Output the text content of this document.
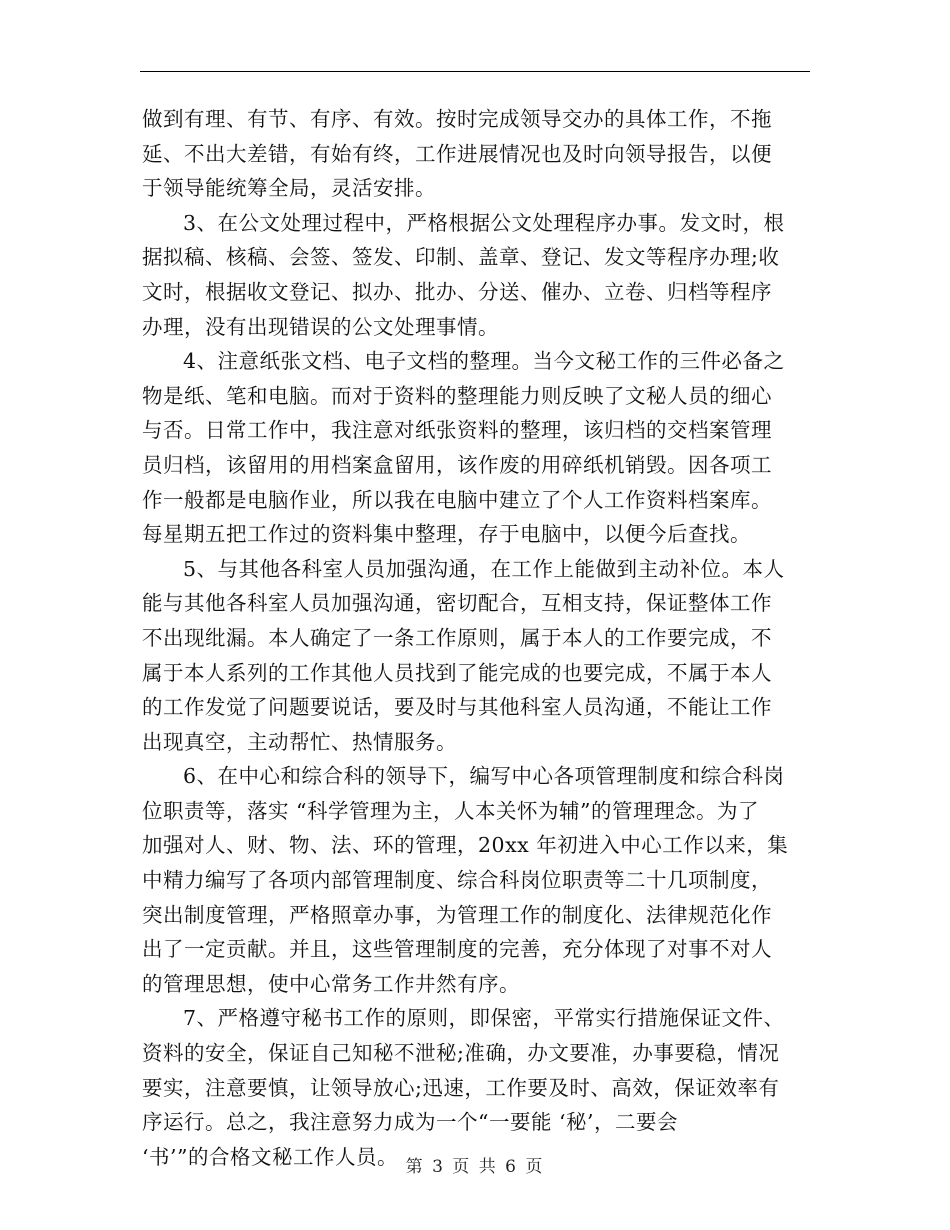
做到有理、有节、有序、有效。按时完成领导交办的具体工作，不拖
延、不出大差错，有始有终，工作进展情况也及时向领导报告，以便
于领导能统筹全局，灵活安排。
3、在公文处理过程中，严格根据公文处理程序办事。发文时，根
据拟稿、核稿、会签、签发、印制、盖章、登记、发文等程序办理;收
文时，根据收文登记、拟办、批办、分送、催办、立卷、归档等程序
办理，没有出现错误的公文处理事情。
4、注意纸张文档、电子文档的整理。当今文秘工作的三件必备之
物是纸、笔和电脑。而对于资料的整理能力则反映了文秘人员的细心
与否。日常工作中，我注意对纸张资料的整理，该归档的交档案管理
员归档，该留用的用档案盒留用，该作废的用碎纸机销毁。因各项工
作一般都是电脑作业，所以我在电脑中建立了个人工作资料档案库。
每星期五把工作过的资料集中整理，存于电脑中，以便今后查找。
5、与其他各科室人员加强沟通，在工作上能做到主动补位。本人
能与其他各科室人员加强沟通，密切配合，互相支持，保证整体工作
不出现纰漏。本人确定了一条工作原则，属于本人的工作要完成，不
属于本人系列的工作其他人员找到了能完成的也要完成，不属于本人
的工作发觉了问题要说话，要及时与其他科室人员沟通，不能让工作
出现真空，主动帮忙、热情服务。
6、在中心和综合科的领导下，编写中心各项管理制度和综合科岗
位职责等，落实 “科学管理为主，人本关怀为辅”的管理理念。为了
加强对人、财、物、法、环的管理，20xx 年初进入中心工作以来，集
中精力编写了各项内部管理制度、综合科岗位职责等二十几项制度，
突出制度管理，严格照章办事，为管理工作的制度化、法律规范化作
出了一定贡献。并且，这些管理制度的完善，充分体现了对事不对人
的管理思想，使中心常务工作井然有序。
7、严格遵守秘书工作的原则，即保密，平常实行措施保证文件、
资料的安全，保证自己知秘不泄秘;准确，办文要准，办事要稳，情况
要实，注意要慎，让领导放心;迅速，工作要及时、高效，保证效率有
序运行。总之，我注意努力成为一个“一要能 ‘秘’，二要会
‘书’”的合格文秘工作人员。 第 3 页 共 6 页
